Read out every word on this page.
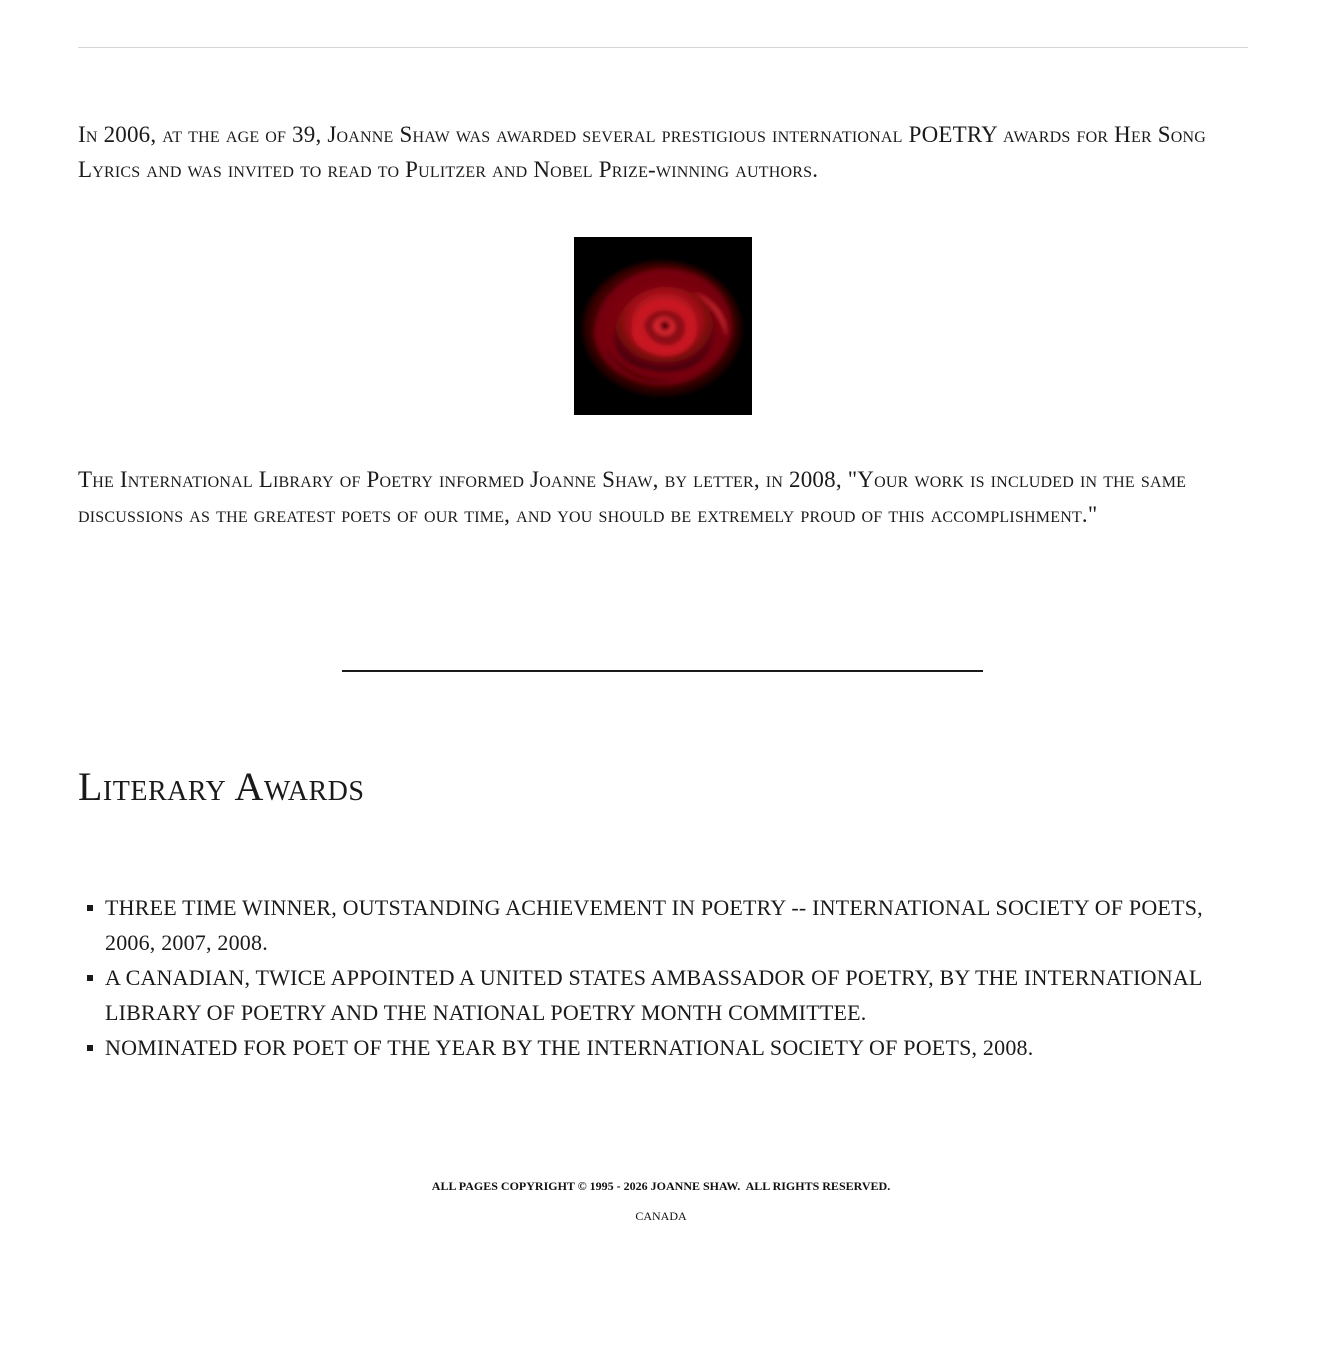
In 2006, at the age of 39, Joanne Shaw was awarded several prestigious international POETRY awards for Her Song Lyrics and was invited to read to Pulitzer and Nobel Prize-winning authors.

The International Library of Poetry informed Joanne Shaw, by letter, in 2008, "Your work is included in the same discussions as the greatest poets of our time, and you should be extremely proud of this accomplishment."

Literary Awards
THREE TIME WINNER, OUTSTANDING ACHIEVEMENT IN POETRY -- INTERNATIONAL SOCIETY OF POETS, 2006, 2007, 2008.
A CANADIAN, TWICE APPOINTED A UNITED STATES AMBASSADOR OF POETRY, BY THE INTERNATIONAL LIBRARY OF POETRY AND THE NATIONAL POETRY MONTH COMMITTEE.
NOMINATED FOR POET OF THE YEAR BY THE INTERNATIONAL SOCIETY OF POETS, 2008.
ALL PAGES COPYRIGHT © 1995 - 2026 JOANNE SHAW.  ALL RIGHTS RESERVED.
CANADA
